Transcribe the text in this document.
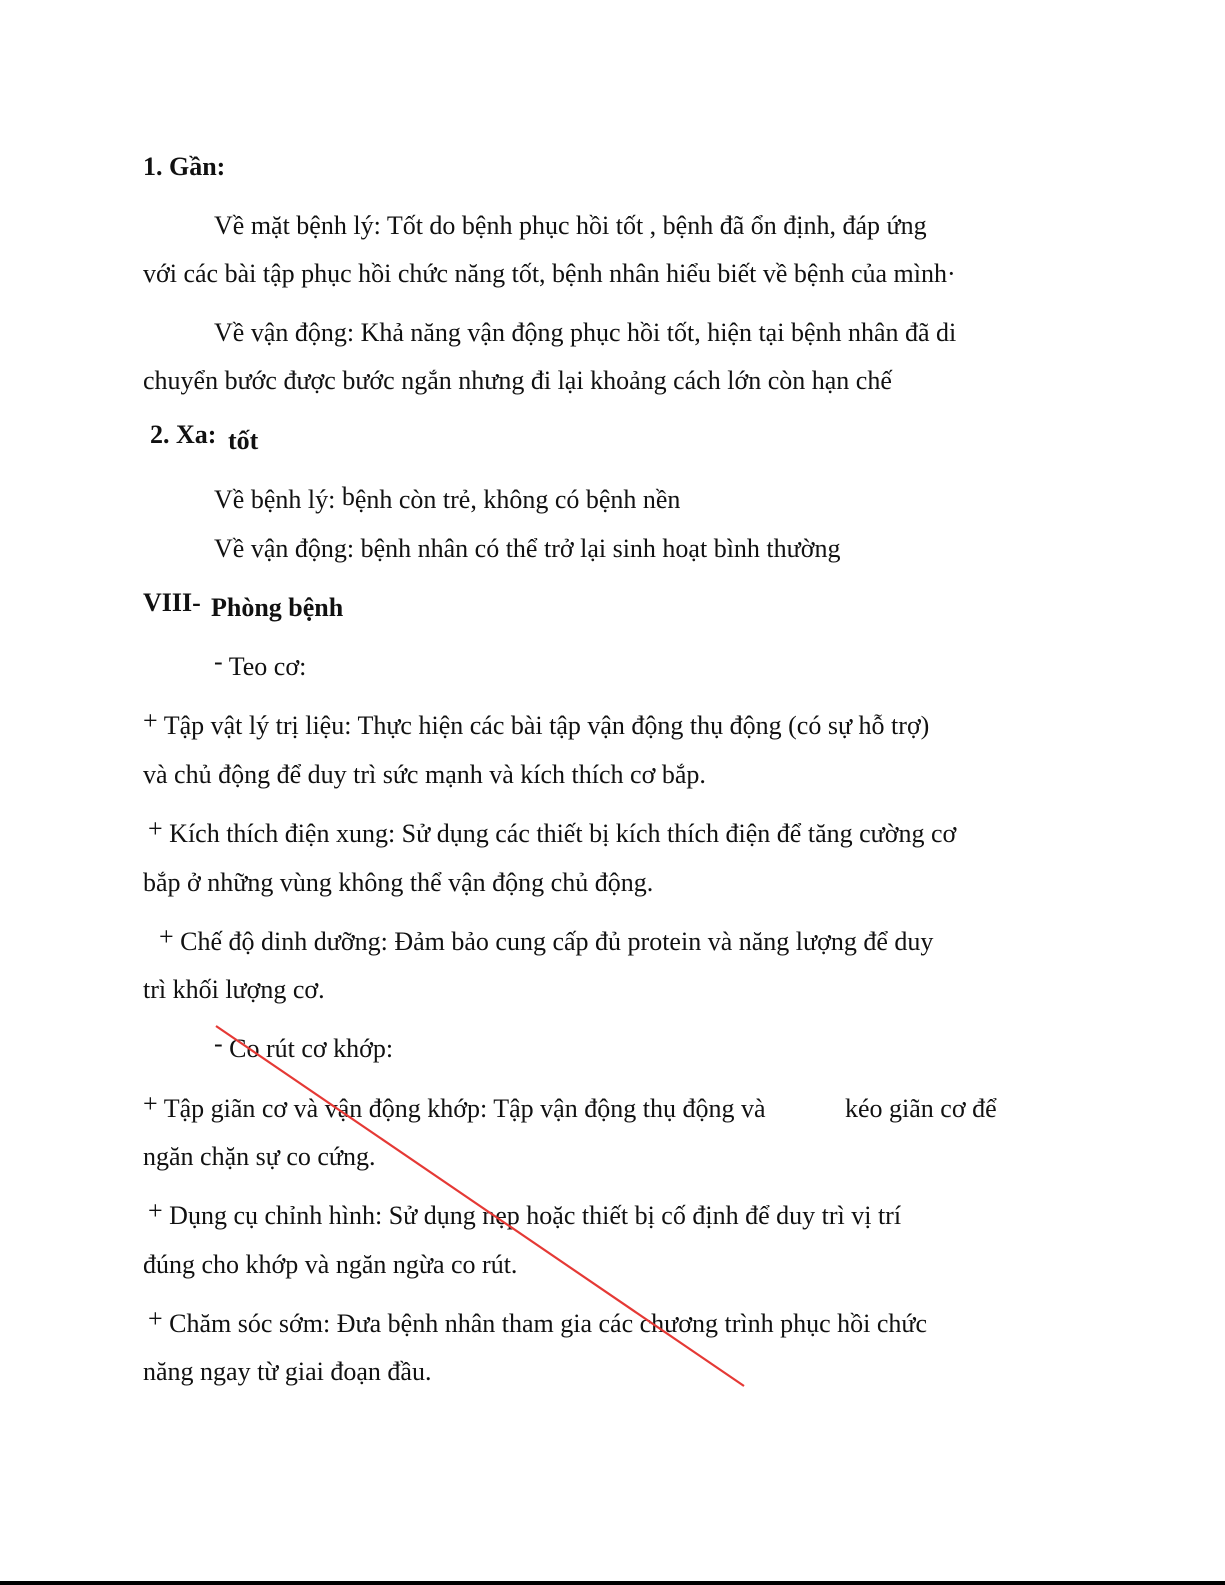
1. Gần:
Về mặt bệnh lý: Tốt do bệnh phục hồi tốt , bệnh đã ổn định, đáp ứng
với các bài tập phục hồi chức năng tốt, bệnh nhân hiểu biết về bệnh của mình·
Về vận động: Khả năng vận động phục hồi tốt, hiện tại bệnh nhân đã di
chuyển bước được bước ngắn nhưng đi lại khoảng cách lớn còn hạn chế
2. Xa: tốt
Về bệnh lý: bệnh còn trẻ, không có bệnh nền
Về vận động: bệnh nhân có thể trở lại sinh hoạt bình thường
VIII- Phòng bệnh
- Teo cơ:
+ Tập vật lý trị liệu: Thực hiện các bài tập vận động thụ động (có sự hỗ trợ)
và chủ động để duy trì sức mạnh và kích thích cơ bắp.
+ Kích thích điện xung: Sử dụng các thiết bị kích thích điện để tăng cường cơ
bắp ở những vùng không thể vận động chủ động.
+ Chế độ dinh dưỡng: Đảm bảo cung cấp đủ protein và năng lượng để duy
trì khối lượng cơ.
- Co rút cơ khớp:
+ Tập giãn cơ và vận động khớp: Tập vận động thụ động và	kéo giãn cơ để
ngăn chặn sự co cứng.
+ Dụng cụ chỉnh hình: Sử dụng nẹp hoặc thiết bị cố định để duy trì vị trí
đúng cho khớp và ngăn ngừa co rút.
+ Chăm sóc sớm: Đưa bệnh nhân tham gia các chương trình phục hồi chức
năng ngay từ giai đoạn đầu.
